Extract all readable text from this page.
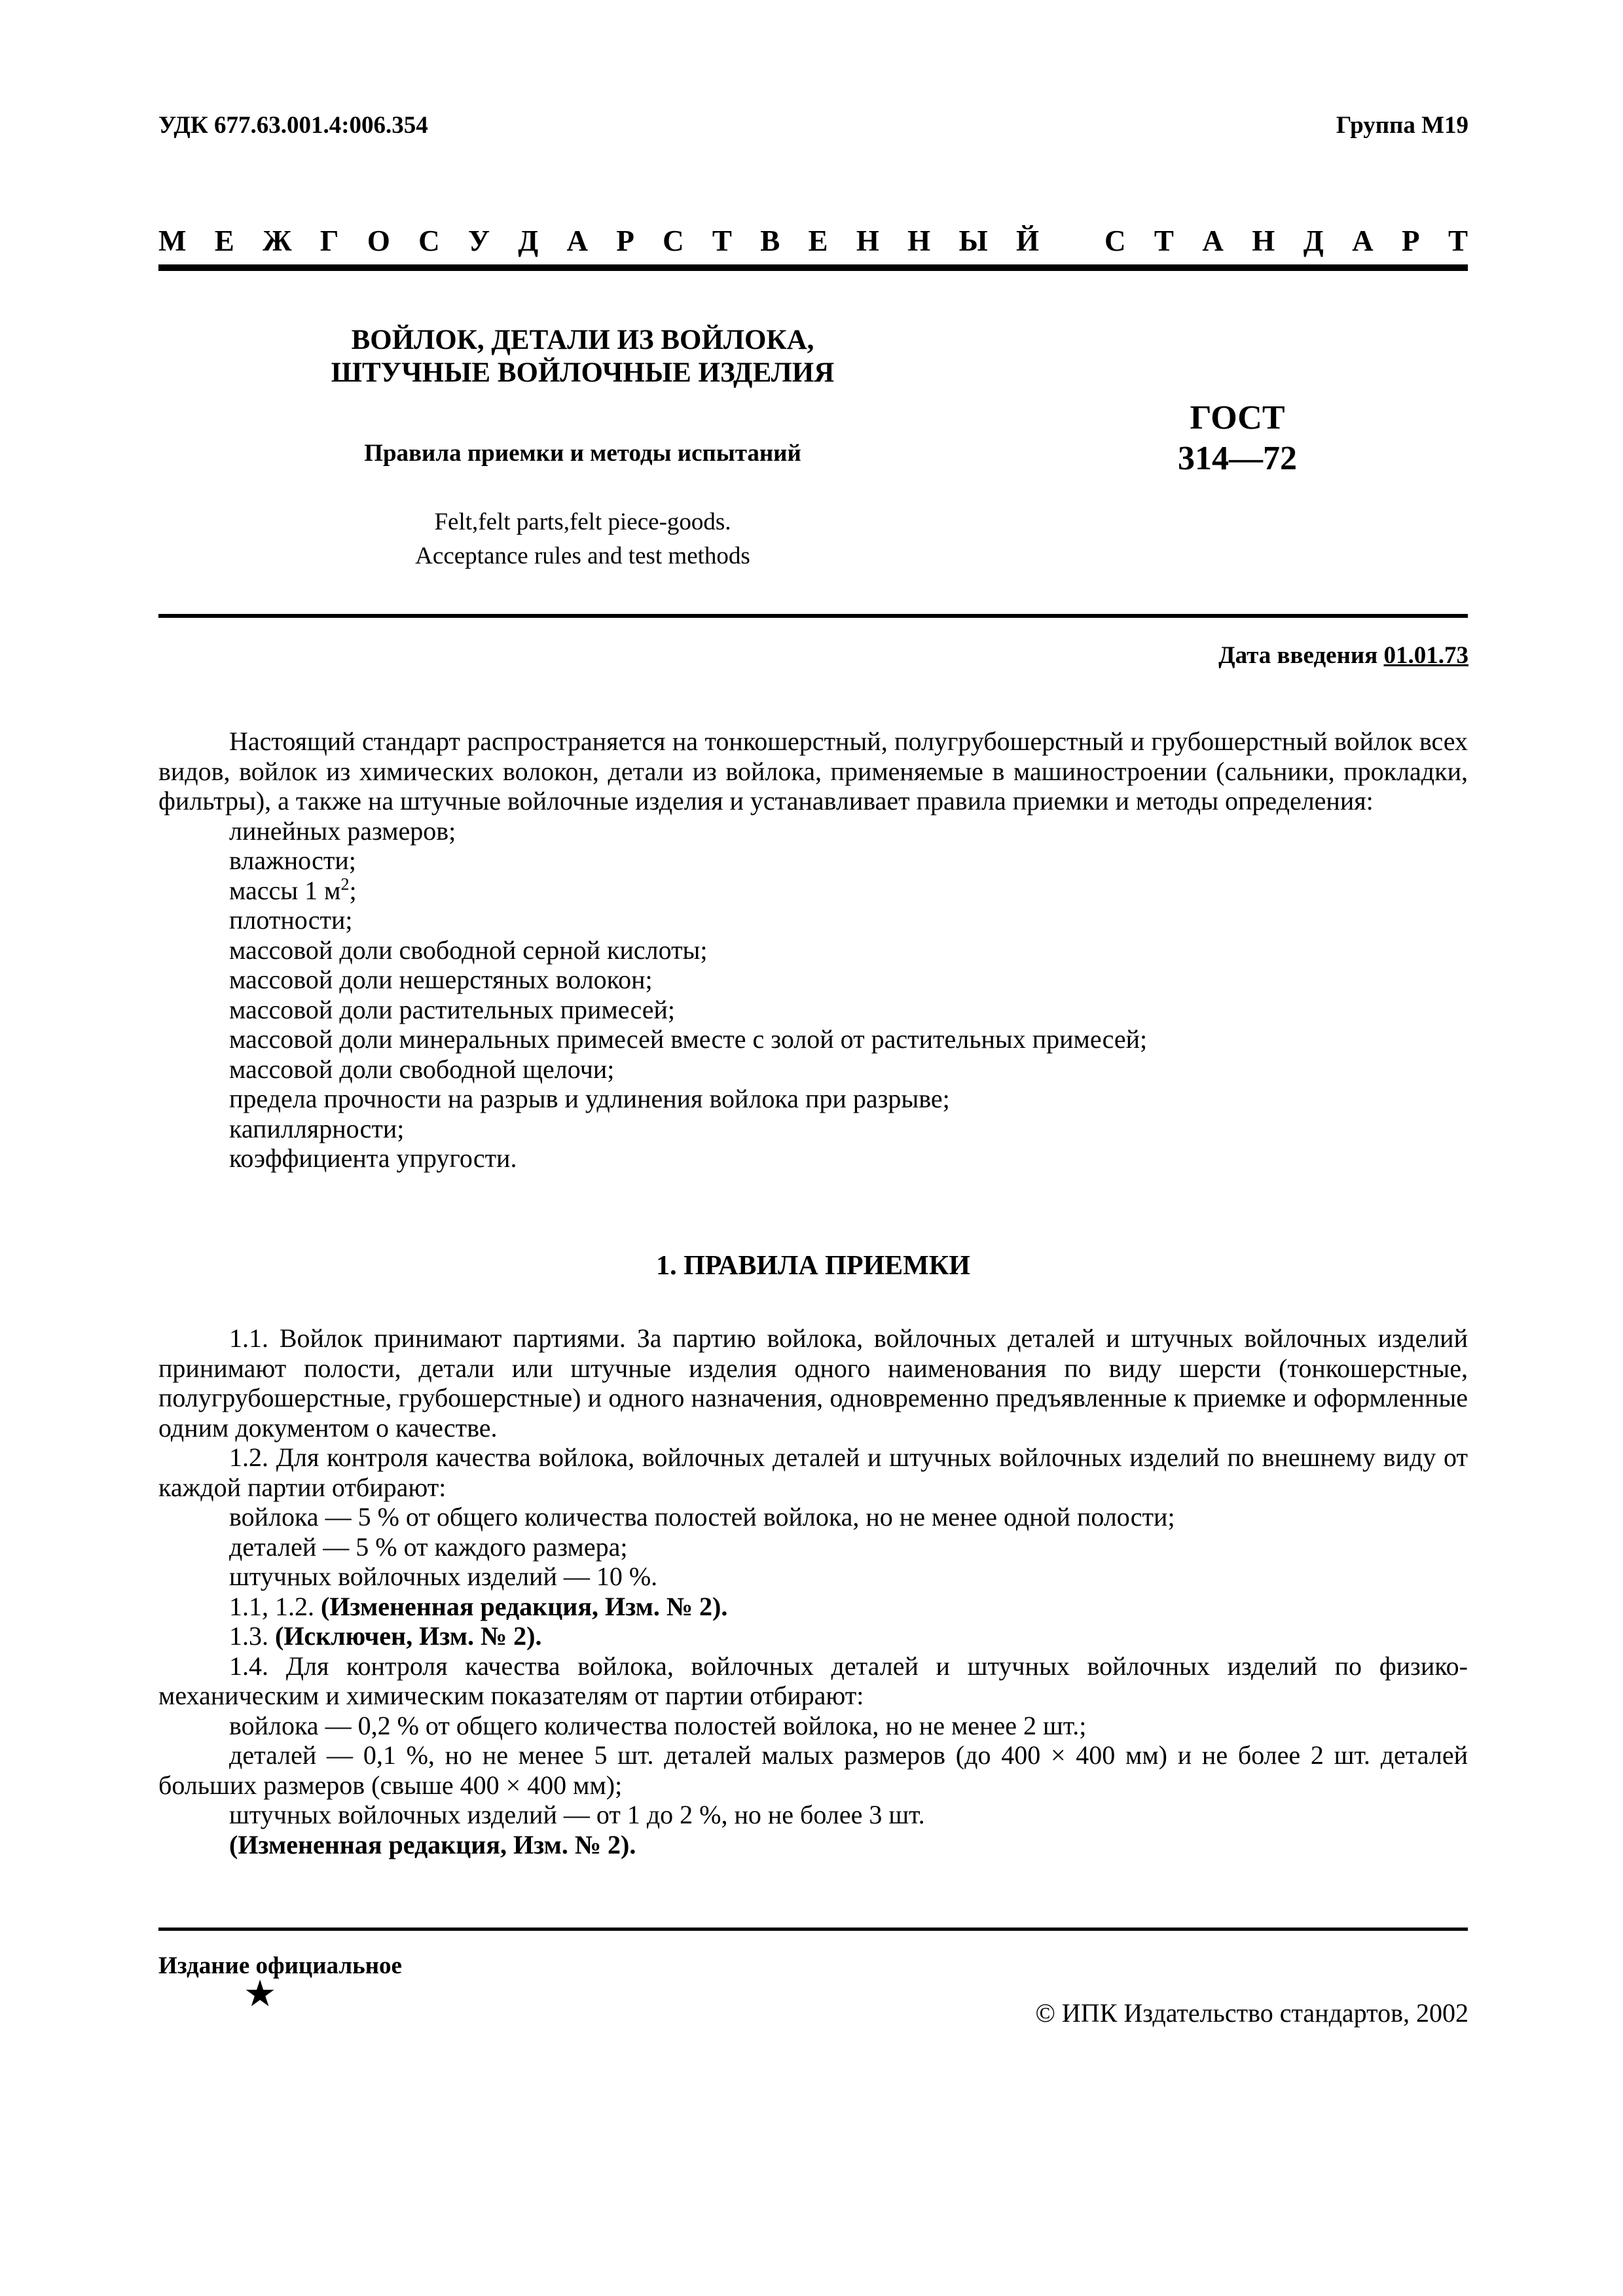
УДК 677.63.001.4:006.354	Группа М19
М Е Ж Г О С У Д А Р С Т В Е Н Н Ы Й С Т А Н Д А Р Т
ВОЙЛОК, ДЕТАЛИ ИЗ ВОЙЛОКА,
ШТУЧНЫЕ ВОЙЛОЧНЫЕ ИЗДЕЛИЯ
Правила приемки и методы испытаний
Felt,felt parts,felt piece-goods.
Acceptance rules and test methods
ГОСТ
314—72
Дата введения 01.01.73

Настоящий стандарт распространяется на тонкошерстный, полугрубошерстный и грубошерстный войлок всех видов, войлок из химических волокон, детали из войлока, применяемые в машиностроении (сальники, прокладки, фильтры), а также на штучные войлочные изделия и устанавливает правила приемки и методы определения:

линейных размеров;

влажности;

массы 1 $м^2$;

плотности;

массовой доли свободной серной кислоты;

массовой доли нешерстяных волокон;

массовой доли растительных примесей;

массовой доли минеральных примесей вместе с золой от растительных примесей;

массовой доли свободной щелочи;

предела прочности на разрыв и удлинения войлока при разрыве;

капиллярности;

коэффициента упругости.

1. ПРАВИЛА ПРИЕМКИ

1.1. Войлок принимают партиями. За партию войлока, войлочных деталей и штучных войлочных изделий принимают полости, детали или штучные изделия одного наименования по виду шерсти (тонкошерстные, полугрубошерстные, грубошерстные) и одного назначения, одновременно предъявленные к приемке и оформленные одним документом о качестве.

1.2. Для контроля качества войлока, войлочных деталей и штучных войлочных изделий по внешнему виду от каждой партии отбирают:

войлока — 5 % от общего количества полостей войлока, но не менее одной полости;

деталей — 5 % от каждого размера;

штучных войлочных изделий — 10 %.

1.1, 1.2. (Измененная редакция, Изм. № 2).

1.3. (Исключен, Изм. № 2).

1.4. Для контроля качества войлока, войлочных деталей и штучных войлочных изделий по физико-механическим и химическим показателям от партии отбирают:

войлока — 0,2 % от общего количества полостей войлока, но не менее 2 шт.;

деталей — 0,1 %, но не менее 5 шт. деталей малых размеров (до 400 × 400 мм) и не более 2 шт. деталей больших размеров (свыше 400 × 400 мм);

штучных войлочных изделий — от 1 до 2 %, но не более 3 шт.

(Измененная редакция, Изм. № 2).

Издание официальное
★	© ИПК Издательство стандартов, 2002
